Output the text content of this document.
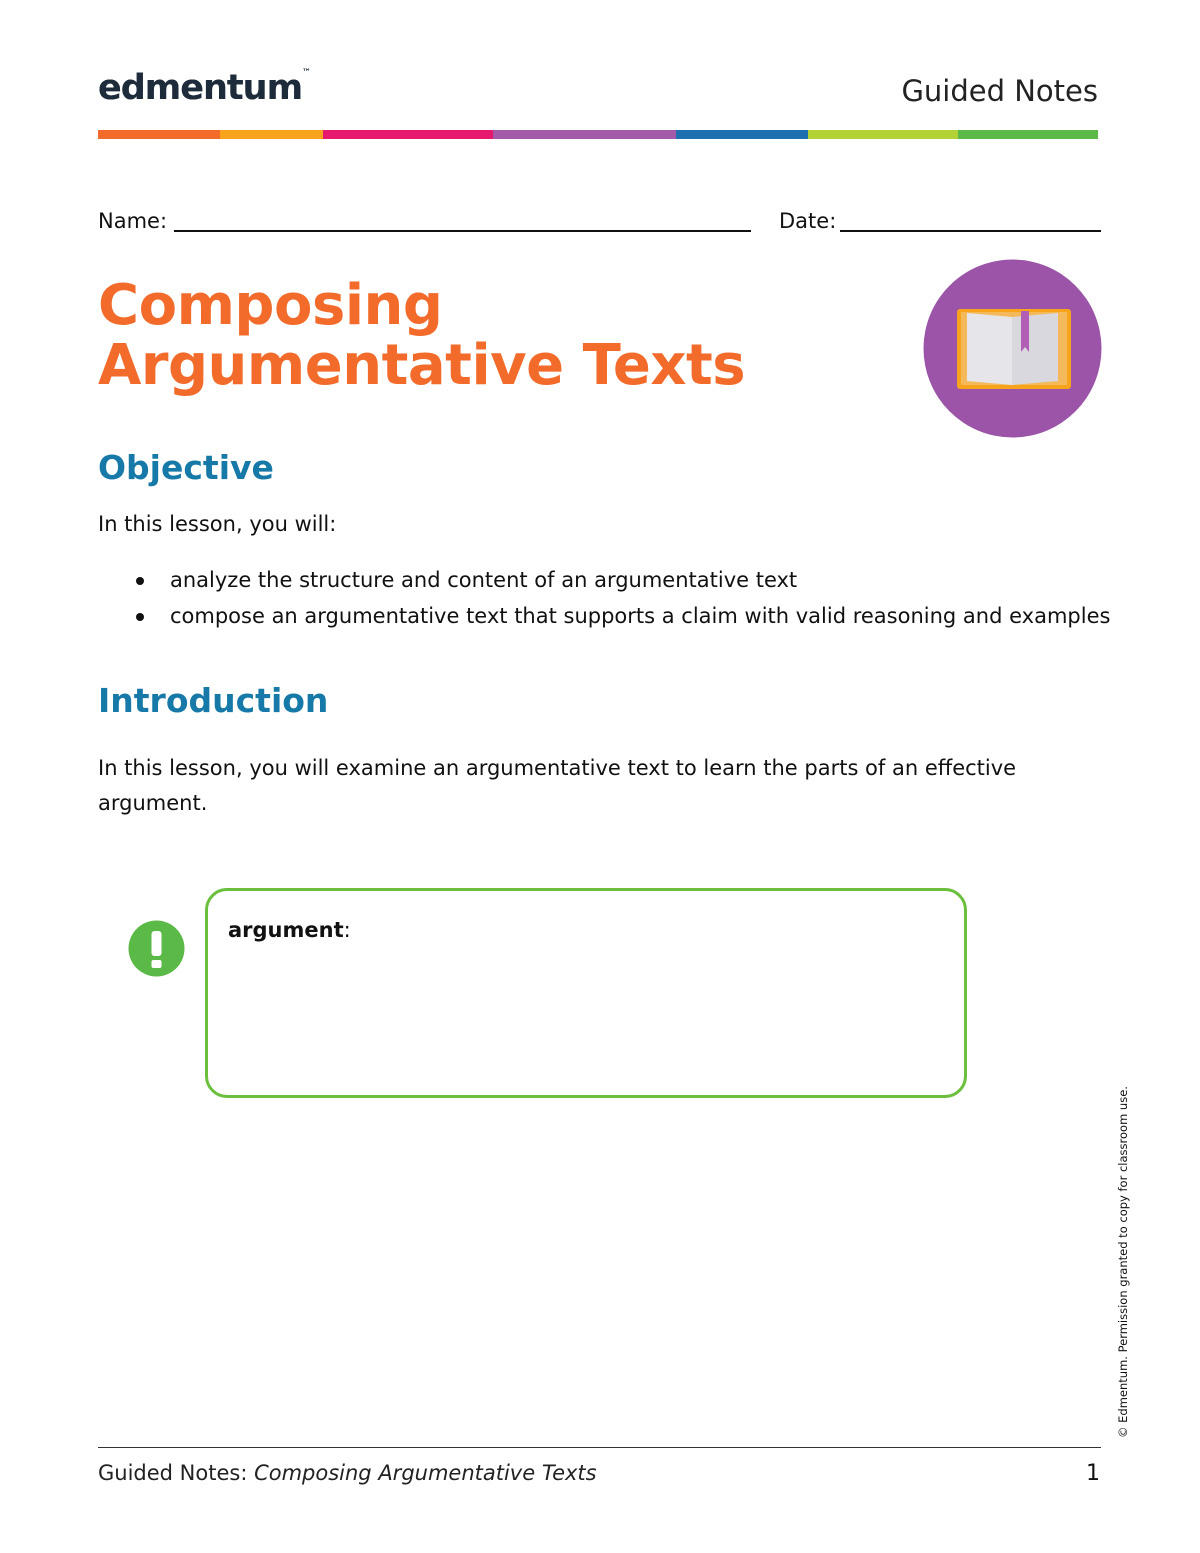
edmentum™
Guided Notes
Name:	Date:
Composing Argumentative Texts
Objective
In this lesson, you will:
analyze the structure and content of an argumentative text
compose an argumentative text that supports a claim with valid reasoning and examples
Introduction
In this lesson, you will examine an argumentative text to learn the parts of an effective argument.
argument:
© Edmentum. Permission granted to copy for classroom use.
Guided Notes: Composing Argumentative Texts	1
